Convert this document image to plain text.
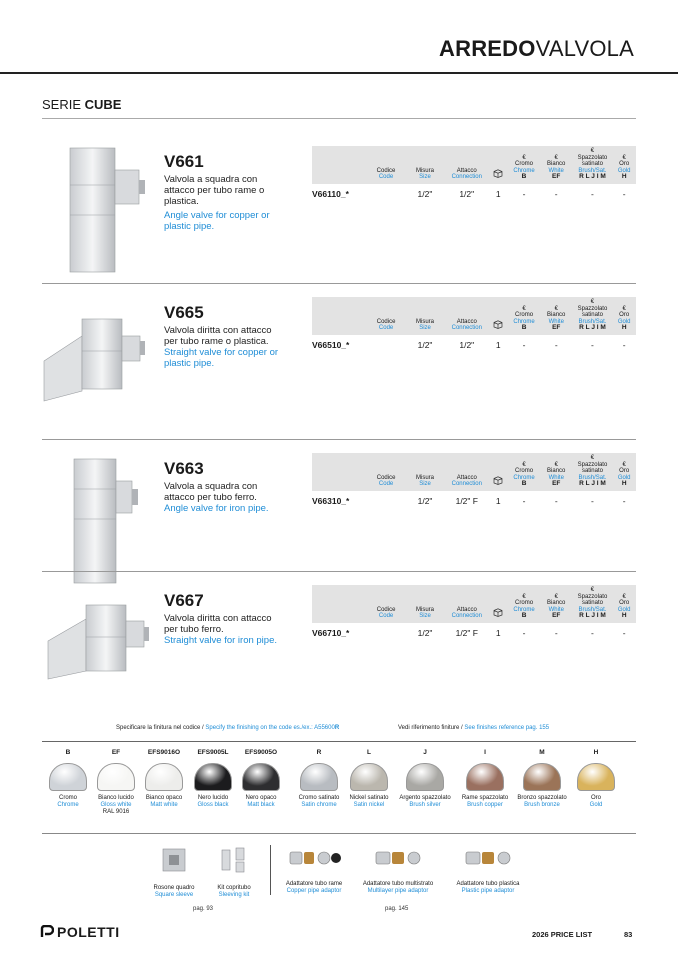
ARREDOVALVOLA
SERIE CUBE
V661
Valvola a squadra con attacco per tubo rame o plastica.
Angle valve for copper or plastic pipe.

	Codice
Code	Misura
Size	Attacco
Connection		€
Cromo
Chrome
B	€
Bianco
White
EF	€
Spazzolato satinato
Brush/Sat.
R L J I M	€
Oro
Gold
H

V66110_*		1/2"	1/2"	1	-	-	-	-
V665
Valvola diritta con attacco per tubo rame o plastica.
Straight valve for copper or plastic pipe.

	Codice
Code	Misura
Size	Attacco
Connection		€
Cromo
Chrome
B	€
Bianco
White
EF	€
Spazzolato satinato
Brush/Sat.
R L J I M	€
Oro
Gold
H

V66510_*		1/2"	1/2"	1	-	-	-	-
V663
Valvola a squadra con attacco per tubo ferro.
Angle valve for iron pipe.

	Codice
Code	Misura
Size	Attacco
Connection		€
Cromo
Chrome
B	€
Bianco
White
EF	€
Spazzolato satinato
Brush/Sat.
R L J I M	€
Oro
Gold
H

V66310_*		1/2"	1/2" F	1	-	-	-	-
V667
Valvola diritta con attacco per tubo ferro.
Straight valve for iron pipe.

	Codice
Code	Misura
Size	Attacco
Connection		€
Cromo
Chrome
B	€
Bianco
White
EF	€
Spazzolato satinato
Brush/Sat.
R L J I M	€
Oro
Gold
H

V66710_*		1/2"	1/2" F	1	-	-	-	-
Specificare la finitura nel codice / Specify the finishing on the code es./ex.: A55600R	Vedi riferimento finiture / See finishes reference pag. 155
B
Cromo
Chrome
EF
Bianco lucido
Gloss white
RAL 9016
EFS9016O
Bianco opaco
Matt white
EFS9005L
Nero lucido
Gloss black
EFS9005O
Nero opaco
Matt black
R
Cromo satinato
Satin chrome
L
Nickel satinato
Satin nickel
J
Argento spazzolato
Brush silver
I
Rame spazzolato
Brush copper
M
Bronzo spazzolato
Brush bronze
H
Oro
Gold
Rosone quadro
Square sleeve
Kit copritubo
Sleeving kit
Adattatore tubo rame
Copper pipe adaptor
Adattatore tubo multistrato
Multilayer pipe adaptor
Adattatore tubo plastica
Plastic pipe adaptor
pag. 93	pag. 145
POLETTI	2026 PRICE LIST	83
